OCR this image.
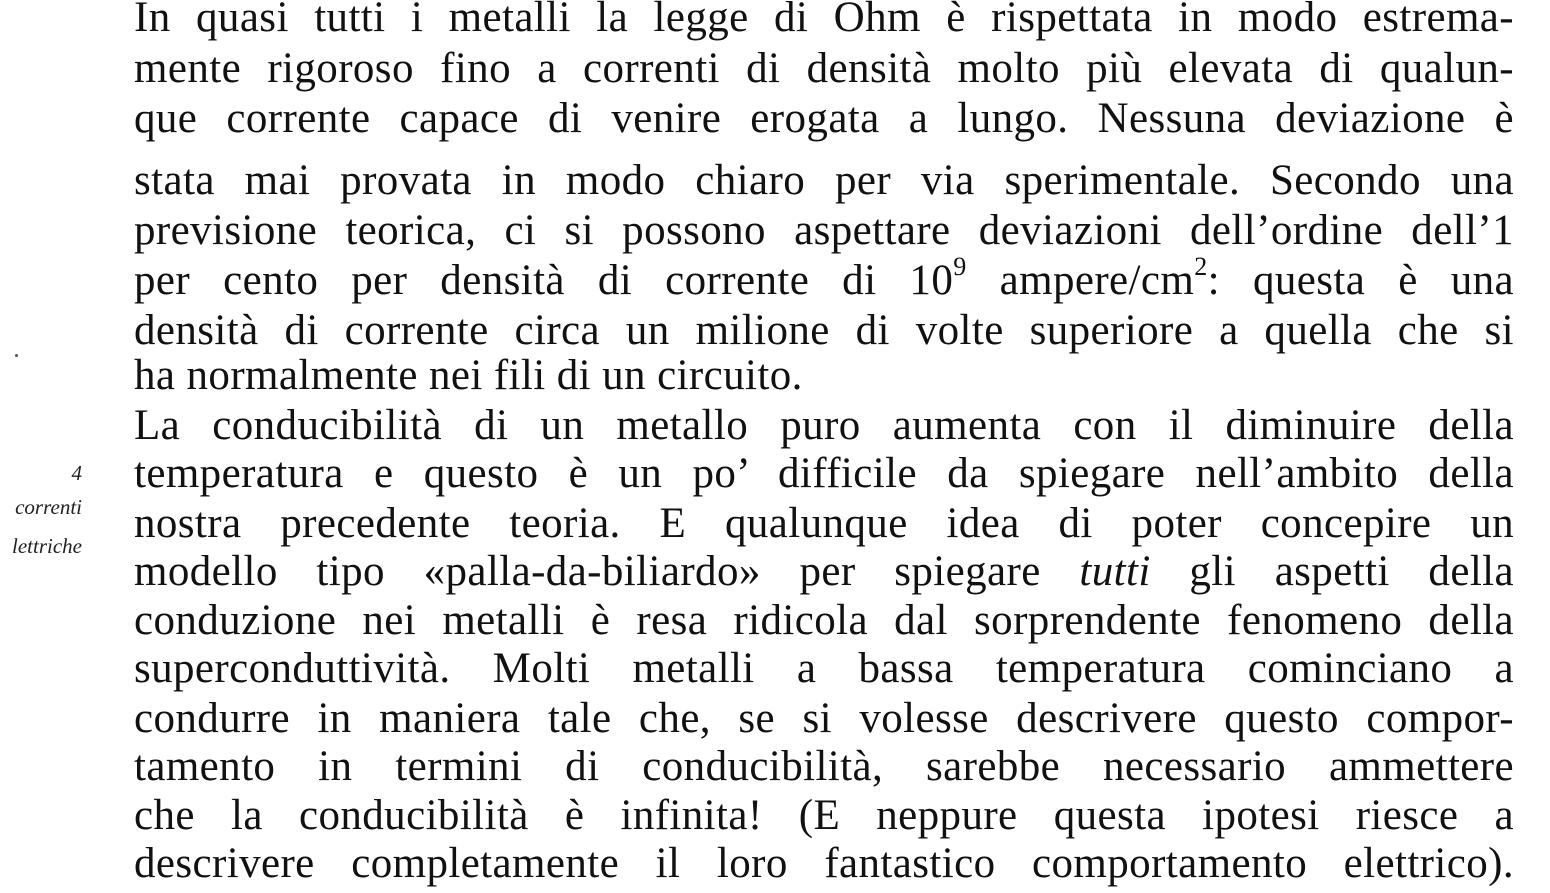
In quasi tutti i metalli la legge di Ohm è rispettata in modo estrema-
mente rigoroso fino a correnti di densità molto più elevata di qualun-
que corrente capace di venire erogata a lungo. Nessuna deviazione è
stata mai provata in modo chiaro per via sperimentale. Secondo una
previsione teorica, ci si possono aspettare deviazioni dell’ordine dell’1
per cento per densità di corrente di $10^9$ ampere/$cm^2$: questa è una
densità di corrente circa un milione di volte superiore a quella che si
ha normalmente nei fili di un circuito.
La conducibilità di un metallo puro aumenta con il diminuire della
temperatura e questo è un po’ difficile da spiegare nell’ambito della
nostra precedente teoria. E qualunque idea di poter concepire un
modello tipo «palla-da-biliardo» per spiegare tutti gli aspetti della
conduzione nei metalli è resa ridicola dal sorprendente fenomeno della
superconduttività. Molti metalli a bassa temperatura cominciano a
condurre in maniera tale che, se si volesse descrivere questo compor-
tamento in termini di conducibilità, sarebbe necessario ammettere
che la conducibilità è infinita! (E neppure questa ipotesi riesce a
descrivere completamente il loro fantastico comportamento elettrico).
4
correnti
lettriche
